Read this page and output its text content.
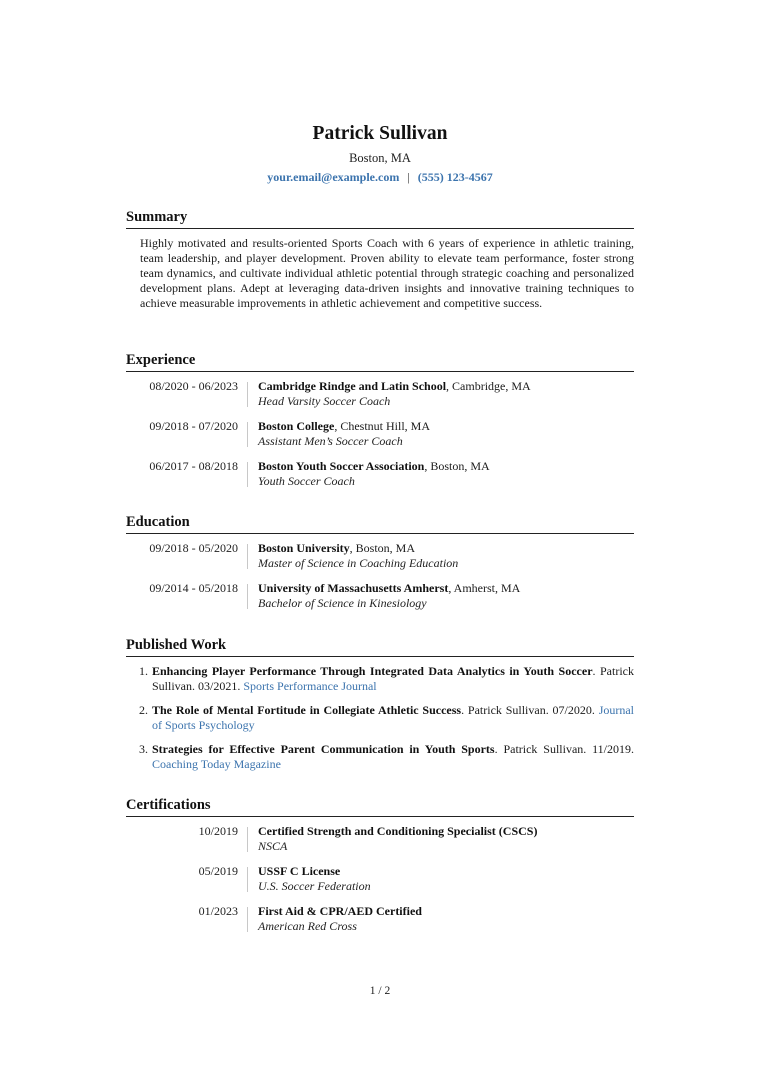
Patrick Sullivan
Boston, MA
your.email@example.com | (555) 123-4567
Summary
Highly motivated and results-oriented Sports Coach with 6 years of experience in athletic training, team leadership, and player development. Proven ability to elevate team performance, foster strong team dynamics, and cultivate individual athletic potential through strategic coaching and personalized development plans. Adept at leveraging data-driven insights and innovative training techniques to achieve measurable improvements in athletic achievement and competitive success.
Experience
08/2020 - 06/2023 Cambridge Rindge and Latin School, Cambridge, MA
Head Varsity Soccer Coach
09/2018 - 07/2020 Boston College, Chestnut Hill, MA
Assistant Men’s Soccer Coach
06/2017 - 08/2018 Boston Youth Soccer Association, Boston, MA
Youth Soccer Coach
Education
09/2018 - 05/2020 Boston University, Boston, MA
Master of Science in Coaching Education
09/2014 - 05/2018 University of Massachusetts Amherst, Amherst, MA
Bachelor of Science in Kinesiology
Published Work
1. Enhancing Player Performance Through Integrated Data Analytics in Youth Soccer. Patrick Sullivan. 03/2021. Sports Performance Journal
2. The Role of Mental Fortitude in Collegiate Athletic Success. Patrick Sullivan. 07/2020. Journal of Sports Psychology
3. Strategies for Effective Parent Communication in Youth Sports. Patrick Sullivan. 11/2019. Coaching Today Magazine
Certifications
10/2019 Certified Strength and Conditioning Specialist (CSCS)
NSCA
05/2019 USSF C License
U.S. Soccer Federation
01/2023 First Aid & CPR/AED Certified
American Red Cross
1 / 2
